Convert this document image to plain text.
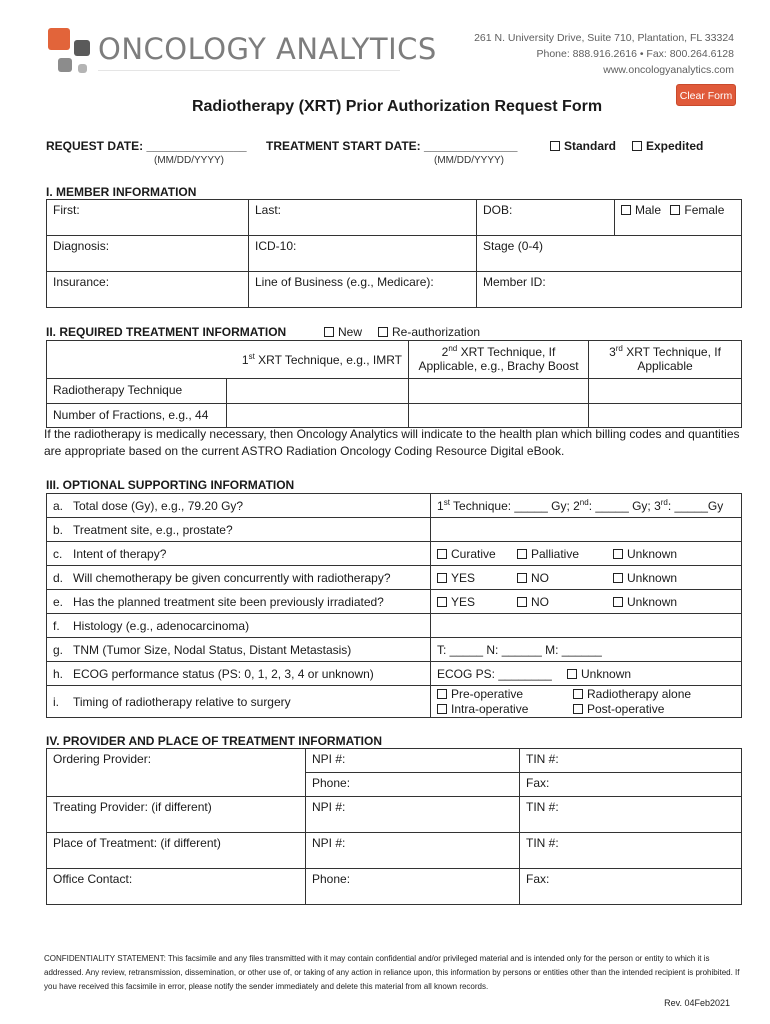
ONCOLOGY ANALYTICS	261 N. University Drive, Suite 710, Plantation, FL 33324
Phone: 888.916.2616 • Fax: 800.264.6128
www.oncologyanalytics.com
Clear Form
Radiotherapy (XRT) Prior Authorization Request Form
REQUEST DATE: _______________
(MM/DD/YYYY)
TREATMENT START DATE: ______________
(MM/DD/YYYY)
Standard	Expedited
I. MEMBER INFORMATION
First:	Last:	DOB:	Male Female
Diagnosis:	ICD-10:	Stage (0-4)	
Insurance:	Line of Business (e.g., Medicare):	Member ID:	
II. REQUIRED TREATMENT INFORMATION	New	Re-authorization
1st XRT Technique, e.g., IMRT	2nd XRT Technique, If Applicable, e.g., Brachy Boost	3rd XRT Technique, If Applicable

Radiotherapy Technique		

Number of Fractions, e.g., 44		

If the radiotherapy is medically necessary, then Oncology Analytics will indicate to the health plan which billing codes and quantities are appropriate based on the current ASTRO Radiation Oncology Coding Resource Digital eBook.
III. OPTIONAL SUPPORTING INFORMATION
a. Total dose (Gy), e.g., 79.20 Gy?	1st Technique: _____ Gy; 2nd: _____ Gy; 3rd: _____Gy
b. Treatment site, e.g., prostate?	
c. Intent of therapy?	Curative Palliative Unknown
d. Will chemotherapy be given concurrently with radiotherapy?	YES NO Unknown
e. Has the planned treatment site been previously irradiated?	YES NO Unknown
f. Histology (e.g., adenocarcinoma)	
g. TNM (Tumor Size, Nodal Status, Distant Metastasis)	T: _____ N: ______ M: ______
h. ECOG performance status (PS: 0, 1, 2, 3, 4 or unknown)	ECOG PS: ________ Unknown
i. Timing of radiotherapy relative to surgery	Pre-operative Radiotherapy alone
Intra-operative Post-operative
IV. PROVIDER AND PLACE OF TREATMENT INFORMATION
Ordering Provider:	NPI #:	TIN #:
	Phone:	Fax:
Treating Provider: (if different)	NPI #:	TIN #:
Place of Treatment: (if different)	NPI #:	TIN #:
Office Contact:	Phone:	Fax:
CONFIDENTIALITY STATEMENT: This facsimile and any files transmitted with it may contain confidential and/or privileged material and is intended only for the person or entity to which it is addressed. Any review, retransmission, dissemination, or other use of, or taking of any action in reliance upon, this information by persons or entities other than the intended recipient is prohibited. If you have received this facsimile in error, please notify the sender immediately and delete this material from all known records.
Rev. 04Feb2021
